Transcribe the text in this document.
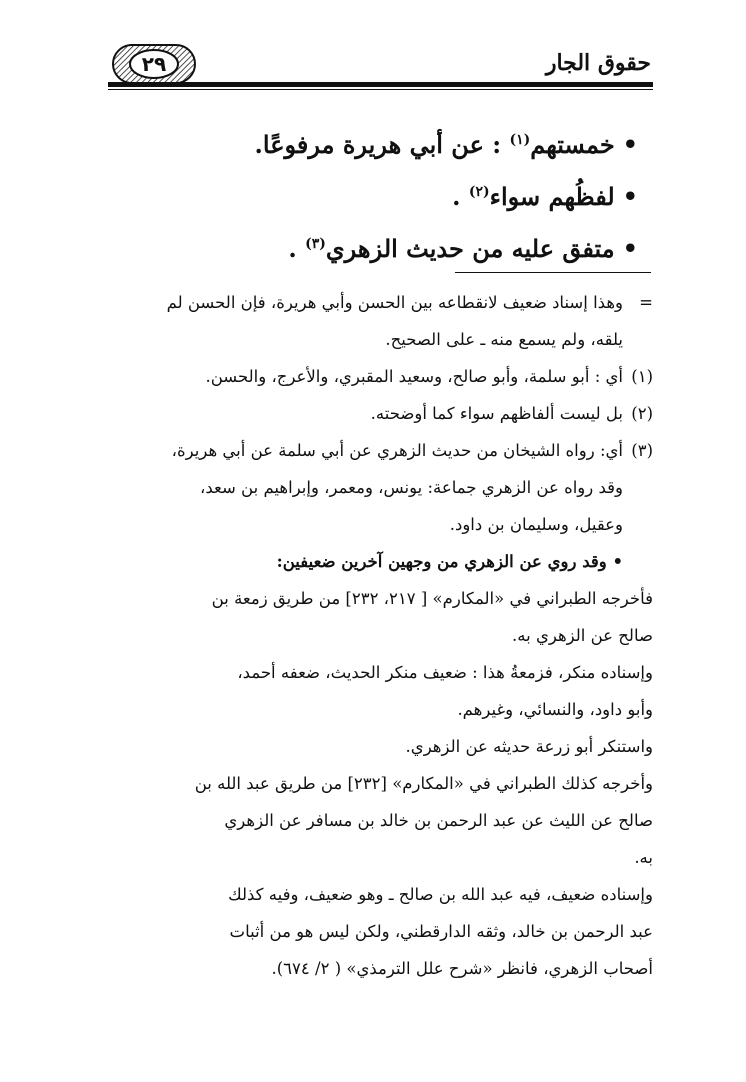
٢٩	حقوق الجار
•خمستهم$^{(١)}$ : عن أبي هريرة مرفوعًا.
•لفظُهم سواء$^{(٢)}$ .
•متفق عليه من حديث الزهري$^{(٣)}$ .
=
وهذا إسناد ضعيف لانقطاعه بين الحسن وأبي هريرة، فإن الحسن لم
يلقه، ولم يسمع منه ـ على الصحيح.
(١)
أي : أبو سلمة، وأبو صالح، وسعيد المقبري، والأعرج، والحسن.
(٢)
بل ليست ألفاظهم سواء كما أوضحته.
(٣)
أي: رواه الشيخان من حديث الزهري عن أبي سلمة عن أبي هريرة،
وقد رواه عن الزهري جماعة: يونس، ومعمر، وإبراهيم بن سعد،
وعقيل، وسليمان بن داود.
• وقد روي عن الزهري من وجهين آخرين ضعيفين:
فأخرجه الطبراني في «المكارم» [ ٢١٧، ٢٣٢] من طريق زمعة بن
صالح عن الزهري به.
وإسناده منكر، فزمعةُ هذا : ضعيف منكر الحديث، ضعفه أحمد،
وأبو داود، والنسائي، وغيرهم.
واستنكر أبو زرعة حديثه عن الزهري.
وأخرجه كذلك الطبراني في «المكارم» [٢٣٢] من طريق عبد الله بن
صالح عن الليث عن عبد الرحمن بن خالد بن مسافر عن الزهري
به.
وإسناده ضعيف، فيه عبد الله بن صالح ـ وهو ضعيف، وفيه كذلك
عبد الرحمن بن خالد، وثقه الدارقطني، ولكن ليس هو من أثبات
أصحاب الزهري، فانظر «شرح علل الترمذي» ( ٢/ ٦٧٤).
